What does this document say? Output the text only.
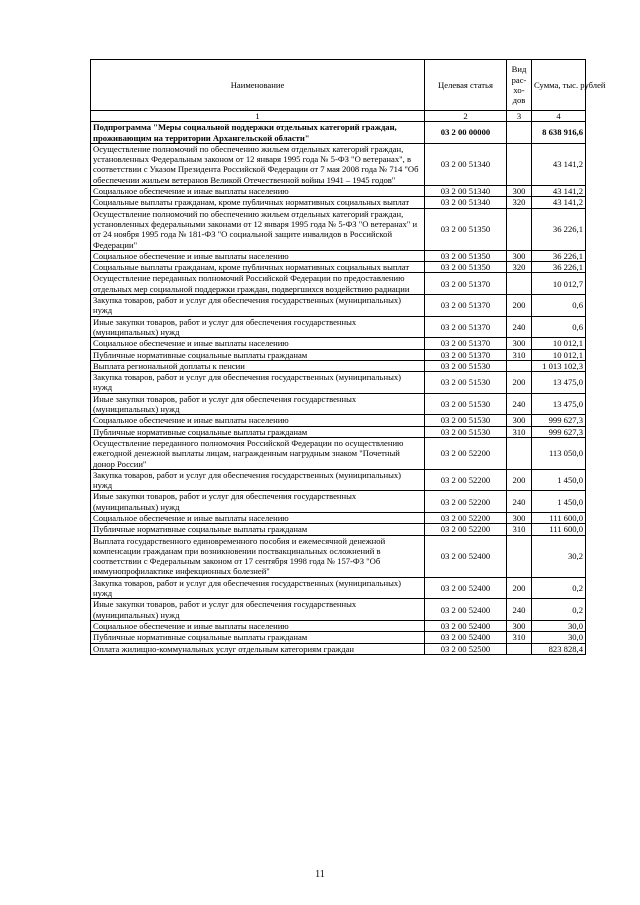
Наименование	Целевая статья	Вид рас-хо-дов	Сумма, тыс. рублей
1	2	3	4
Подпрограмма "Меры социальной поддержки отдельных категорий граждан, проживающим на территории Архангельской области"	03 2 00 00000		8 638 916,6
Осуществление полномочий по обеспечению жильем отдельных категорий граждан, установленных Федеральным законом от 12 января 1995 года № 5-ФЗ "О ветеранах", в соответствии с Указом Президента Российской Федерации от 7 мая 2008 года № 714 "Об обеспечении жильем ветеранов Великой Отечественной войны 1941 – 1945 годов"	03 2 00 51340		43 141,2
Социальное обеспечение и иные выплаты населению	03 2 00 51340	300	43 141,2
Социальные выплаты гражданам, кроме публичных нормативных социальных выплат	03 2 00 51340	320	43 141,2
Осуществление полномочий по обеспечению жильем отдельных категорий граждан, установленных федеральными законами от 12 января 1995 года № 5-ФЗ "О ветеранах" и от 24 ноября 1995 года № 181-ФЗ "О социальной защите инвалидов в Российской Федерации"	03 2 00 51350		36 226,1
Социальное обеспечение и иные выплаты населению	03 2 00 51350	300	36 226,1
Социальные выплаты гражданам, кроме публичных нормативных социальных выплат	03 2 00 51350	320	36 226,1
Осуществление переданных полномочий Российской Федерации по предоставлению отдельных мер социальной поддержки граждан, подвергшихся воздействию радиации	03 2 00 51370		10 012,7
Закупка товаров, работ и услуг для обеспечения государственных (муниципальных) нужд	03 2 00 51370	200	0,6
Иные закупки товаров, работ и услуг для обеспечения государственных (муниципальных) нужд	03 2 00 51370	240	0,6
Социальное обеспечение и иные выплаты населению	03 2 00 51370	300	10 012,1
Публичные нормативные социальные выплаты гражданам	03 2 00 51370	310	10 012,1
Выплата региональной доплаты к пенсии	03 2 00 51530		1 013 102,3
Закупка товаров, работ и услуг для обеспечения государственных (муниципальных) нужд	03 2 00 51530	200	13 475,0
Иные закупки товаров, работ и услуг для обеспечения государственных (муниципальных) нужд	03 2 00 51530	240	13 475,0
Социальное обеспечение и иные выплаты населению	03 2 00 51530	300	999 627,3
Публичные нормативные социальные выплаты гражданам	03 2 00 51530	310	999 627,3
Осуществление переданного полномочия Российской Федерации по осуществлению ежегодной денежной выплаты лицам, награжденным нагрудным знаком "Почетный донор России"	03 2 00 52200		113 050,0
Закупка товаров, работ и услуг для обеспечения государственных (муниципальных) нужд	03 2 00 52200	200	1 450,0
Иные закупки товаров, работ и услуг для обеспечения государственных (муниципальных) нужд	03 2 00 52200	240	1 450,0
Социальное обеспечение и иные выплаты населению	03 2 00 52200	300	111 600,0
Публичные нормативные социальные выплаты гражданам	03 2 00 52200	310	111 600,0
Выплата государственного единовременного пособия и ежемесячной денежной компенсации гражданам при возникновении поствакцинальных осложнений в соответствии с Федеральным законом от 17 сентября 1998 года № 157-ФЗ "Об иммунопрофилактике инфекционных болезней"	03 2 00 52400		30,2
Закупка товаров, работ и услуг для обеспечения государственных (муниципальных) нужд	03 2 00 52400	200	0,2
Иные закупки товаров, работ и услуг для обеспечения государственных (муниципальных) нужд	03 2 00 52400	240	0,2
Социальное обеспечение и иные выплаты населению	03 2 00 52400	300	30,0
Публичные нормативные социальные выплаты гражданам	03 2 00 52400	310	30,0
Оплата жилищно-коммунальных услуг отдельным категориям граждан	03 2 00 52500		823 828,4
11
